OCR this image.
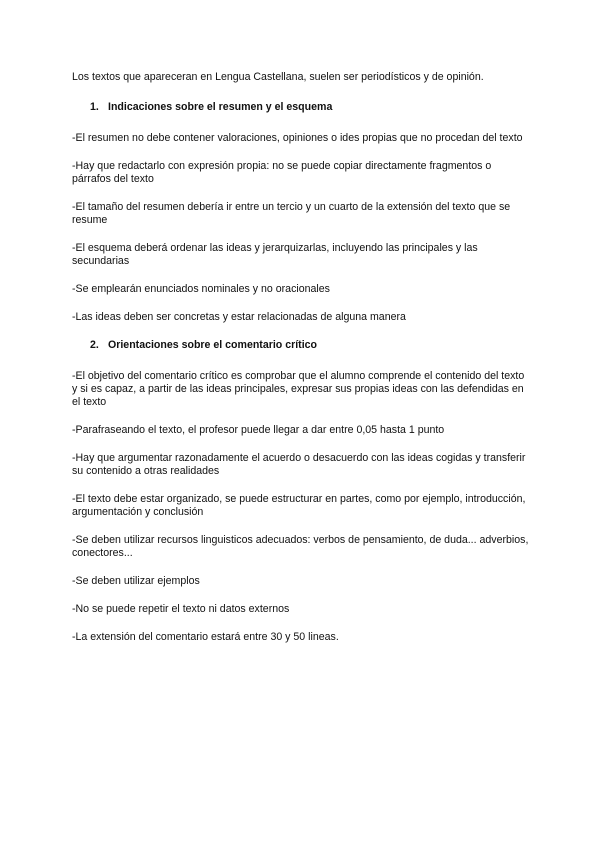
Los textos que apareceran en Lengua Castellana, suelen ser periodísticos y de opinión.

1. Indicaciones sobre el resumen y el esquema

-El resumen no debe contener valoraciones, opiniones o ides propias que no procedan del texto

-Hay que redactarlo con expresión propia: no se puede copiar directamente fragmentos o párrafos del texto

-El tamaño del resumen debería ir entre un tercio y un cuarto de la extensión del texto que se resume

-El esquema deberá ordenar las ideas y jerarquizarlas, incluyendo las principales y las secundarias

-Se emplearán enunciados nominales y no oracionales

-Las ideas deben ser concretas y estar relacionadas de alguna manera

2. Orientaciones sobre el comentario crítico

-El objetivo del comentario crítico es comprobar que el alumno comprende el contenido del texto y si es capaz, a partir de las ideas principales, expresar sus propias ideas con las defendidas en el texto

-Parafraseando el texto, el profesor puede llegar a dar entre 0,05 hasta 1 punto

-Hay que argumentar razonadamente el acuerdo o desacuerdo con las ideas cogidas y transferir su contenido a otras realidades

-El texto debe estar organizado, se puede estructurar en partes, como por ejemplo, introducción, argumentación y conclusión

-Se deben utilizar recursos linguisticos adecuados: verbos de pensamiento, de duda... adverbios, conectores...

-Se deben utilizar ejemplos

-No se puede repetir el texto ni datos externos

-La extensión del comentario estará entre 30 y 50 lineas.
